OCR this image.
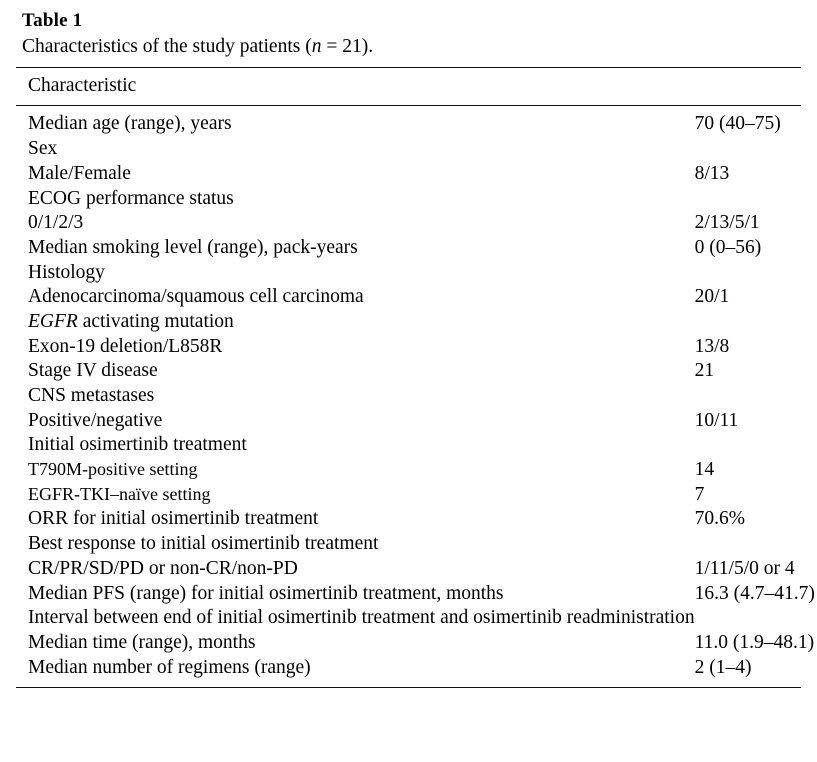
Table 1
Characteristics of the study patients (n = 21).
Characteristic

Median age (range), years	70 (40–75)
Sex	
Male/Female	8/13
ECOG performance status	
0/1/2/3	2/13/5/1
Median smoking level (range), pack-years	0 (0–56)
Histology	
Adenocarcinoma/squamous cell carcinoma	20/1
EGFR activating mutation	
Exon-19 deletion/L858R	13/8
Stage IV disease	21
CNS metastases	
Positive/negative	10/11
Initial osimertinib treatment	
T790M-positive setting	14
EGFR-TKI–naïve setting	7
ORR for initial osimertinib treatment	70.6%
Best response to initial osimertinib treatment	
CR/PR/SD/PD or non-CR/non-PD	1/11/5/0 or 4
Median PFS (range) for initial osimertinib treatment, months	16.3 (4.7–41.7)
Interval between end of initial osimertinib treatment and osimertinib readministration	
Median time (range), months	11.0 (1.9–48.1)
Median number of regimens (range)	2 (1–4)
